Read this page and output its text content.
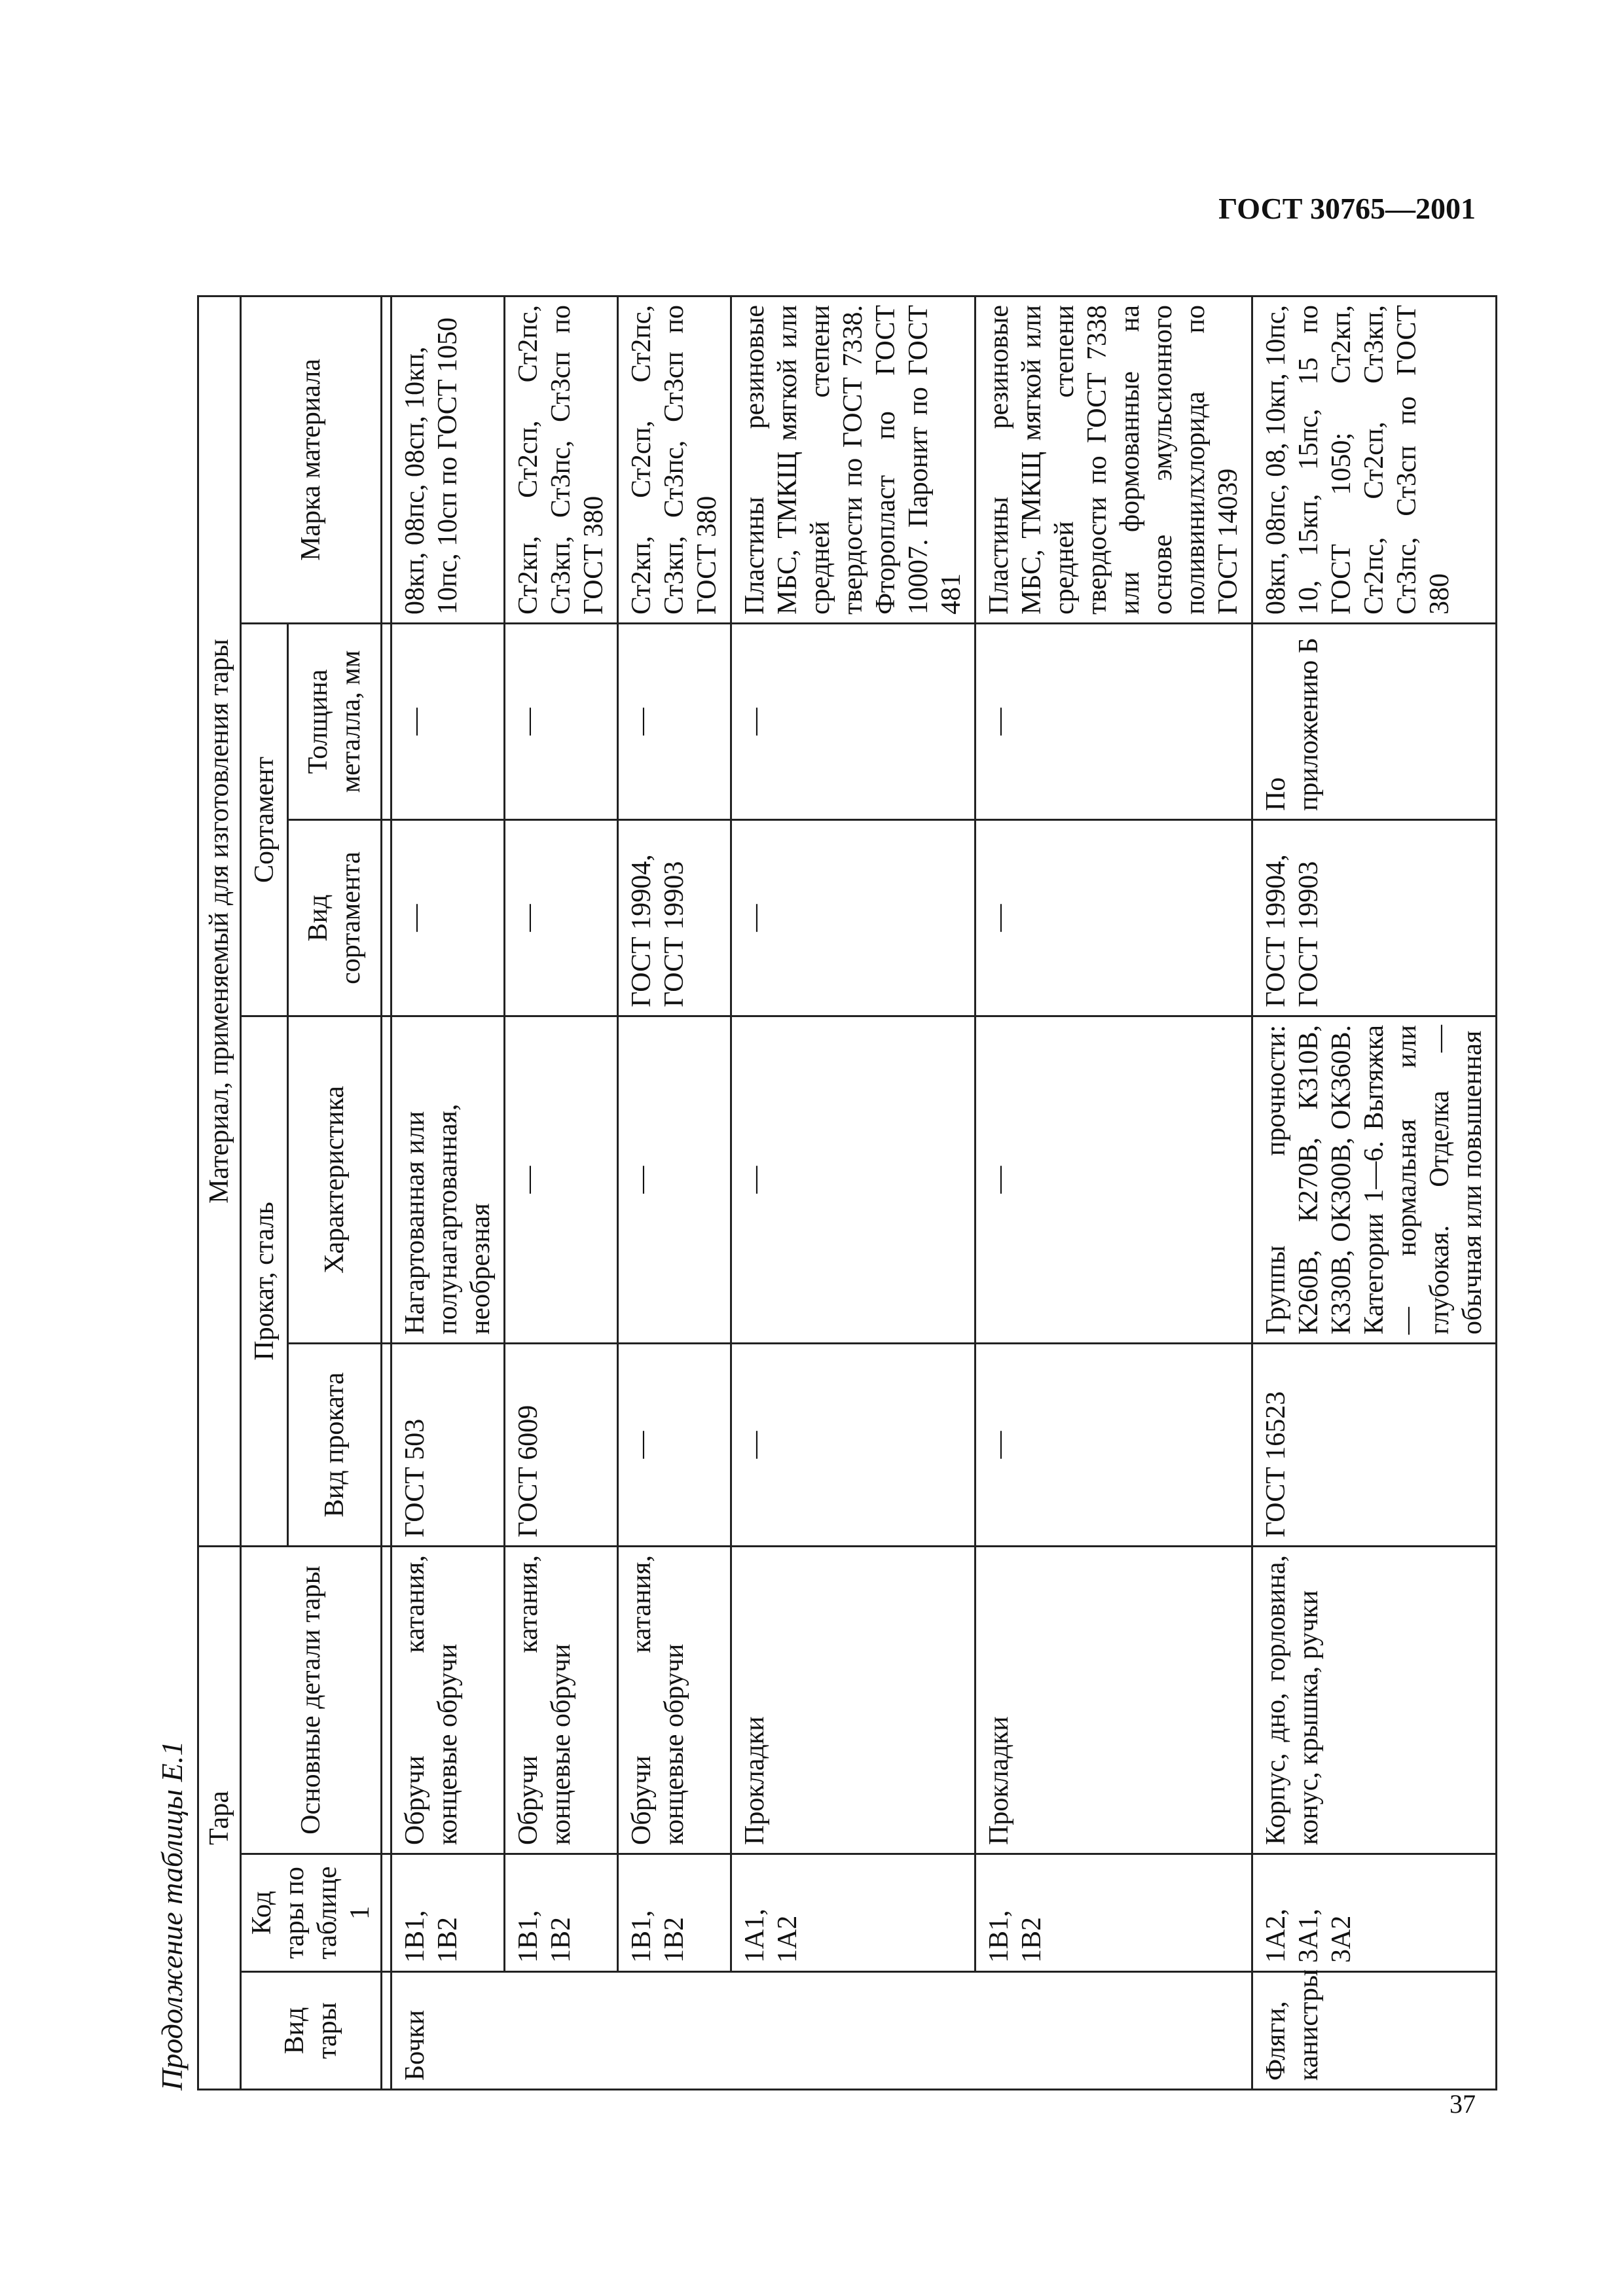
ГОСТ 30765—2001
Продолжение таблицы Е.1 Тара			Материал, применяемый для изготовления тары				
Вид тары	Код тары по таблице 1	Основные детали тары	Прокат, сталь		Сортамент		Марка материала
			Вид проката	Характеристика	Вид сортамента	Толщина металла, мм	

Бочки	1В1, 1В2	Обручи катания, концевые обручи	ГОСТ 503	Нагартованная или полунагартованная, необрезная	—	—	08кп, 08пс, 08сп, 10кп, 10пс, 10сп по ГОСТ 1050
	1В1, 1В2	Обручи катания, концевые обручи	ГОСТ 6009	—	—	—	Ст2кп, Ст2сп, Ст2пс, Ст3кп, Ст3пс, Ст3сп по ГОСТ 380
	1В1, 1В2	Обручи катания, концевые обручи	—	—	ГОСТ 19904, ГОСТ 19903	—	Ст2кп, Ст2сп, Ст2пс, Ст3кп, Ст3пс, Ст3сп по ГОСТ 380
	1А1, 1А2	Прокладки	—	—	—	—	Пластины резиновые МБС, ТМКЩ мягкой или средней степени твердости по ГОСТ 7338. Фторопласт по ГОСТ 10007. Паронит по ГОСТ 481
	1В1, 1В2	Прокладки	—	—	—	—	Пластины резиновые МБС, ТМКЩ мягкой или средней степени твердости по ГОСТ 7338 или формованные на основе эмульсионного поливинилхлорида по ГОСТ 14039
Фляги, канистры	1А2, 3А1, 3А2	Корпус, дно, горловина, конус, крышка, ручки	ГОСТ 16523	Группы прочности: К260В, К270В, К310В, К330В, ОК300В, ОК360В. Категории 1—6. Вытяжка — нормальная или глубокая. Отделка — обычная или повышенная	ГОСТ 19904, ГОСТ 19903	По приложению Б	08кп, 08пс, 08, 10кп, 10пс, 10, 15кп, 15пс, 15 по ГОСТ 1050; Ст2кп, Ст2пс, Ст2сп, Ст3кп, Ст3пс, Ст3сп по ГОСТ 380
37
